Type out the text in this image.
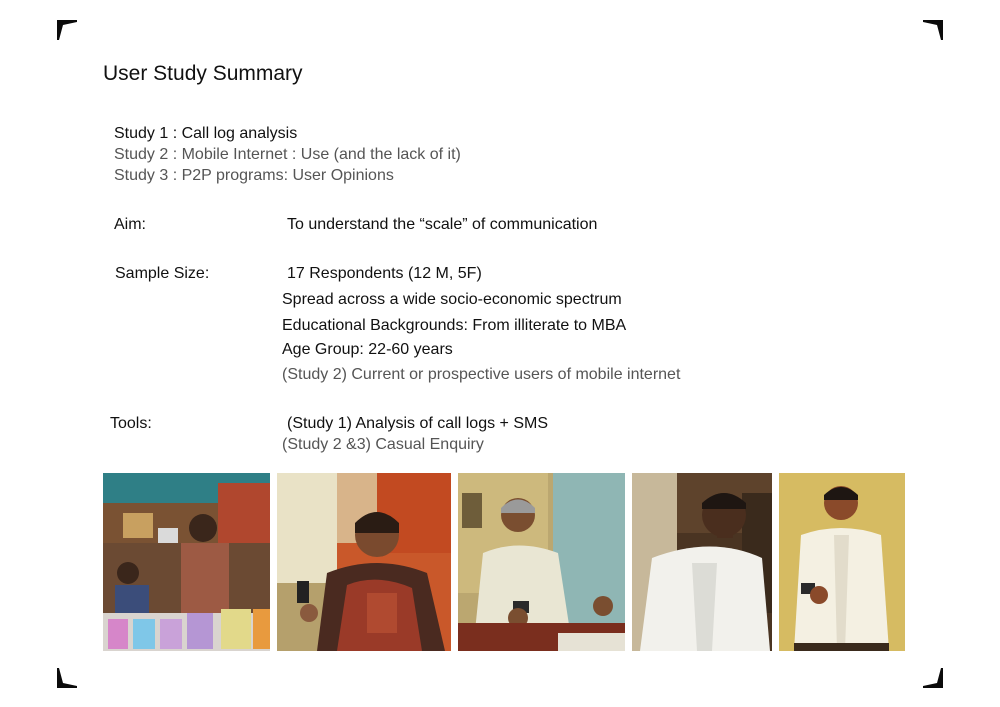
User Study Summary
Study 1 : Call log analysis
Study 2 : Mobile Internet : Use (and the lack of it)
Study 3 : P2P programs: User Opinions
Aim:	To understand the “scale” of communication
Sample Size:	17 Respondents (12 M, 5F)
Spread across a wide socio-economic spectrum
Educational Backgrounds: From illiterate to MBA
Age Group: 22-60 years
(Study 2) Current or prospective users of mobile internet
Tools:	(Study 1) Analysis of call logs + SMS
(Study 2 &3) Casual Enquiry
